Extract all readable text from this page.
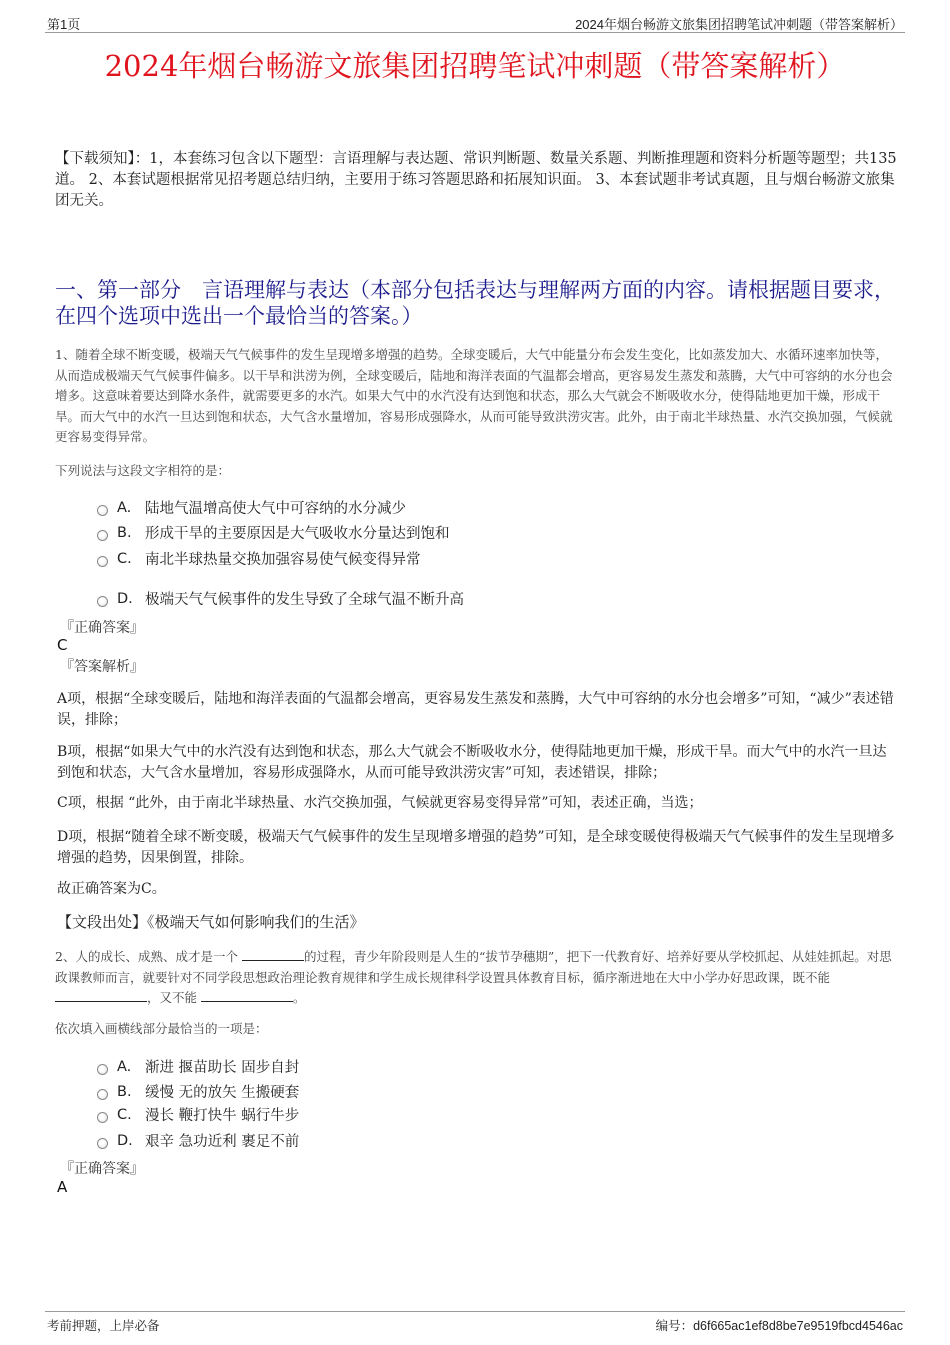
第1页	2024年烟台畅游文旅集团招聘笔试冲刺题（带答案解析）
2024年烟台畅游文旅集团招聘笔试冲刺题（带答案解析）
【下载须知】：1，本套练习包含以下题型：言语理解与表达题、常识判断题、数量关系题、判断推理题和资料分析题等题型；共135道。 2、本套试题根据常见招考题总结归纳，主要用于练习答题思路和拓展知识面。 3、本套试题非考试真题，且与烟台畅游文旅集团无关。
一、第一部分　言语理解与表达（本部分包括表达与理解两方面的内容。请根据题目要求，在四个选项中选出一个最恰当的答案。）
1、随着全球不断变暖，极端天气气候事件的发生呈现增多增强的趋势。全球变暖后，大气中能量分布会发生变化，比如蒸发加大、水循环速率加快等，从而造成极端天气气候事件偏多。以干旱和洪涝为例，全球变暖后，陆地和海洋表面的气温都会增高，更容易发生蒸发和蒸腾，大气中可容纳的水分也会增多。这意味着要达到降水条件，就需要更多的水汽。如果大气中的水汽没有达到饱和状态，那么大气就会不断吸收水分，使得陆地更加干燥，形成干旱。而大气中的水汽一旦达到饱和状态，大气含水量增加，容易形成强降水，从而可能导致洪涝灾害。此外，由于南北半球热量、水汽交换加强，气候就更容易变得异常。
下列说法与这段文字相符的是：
A. 陆地气温增高使大气中可容纳的水分减少
B. 形成干旱的主要原因是大气吸收水分量达到饱和
C. 南北半球热量交换加强容易使气候变得异常
D. 极端天气气候事件的发生导致了全球气温不断升高
『正确答案』
C
『答案解析』
A项，根据“全球变暖后，陆地和海洋表面的气温都会增高，更容易发生蒸发和蒸腾，大气中可容纳的水分也会增多”可知，“减少”表述错误，排除；
B项，根据“如果大气中的水汽没有达到饱和状态，那么大气就会不断吸收水分，使得陆地更加干燥，形成干旱。而大气中的水汽一旦达到饱和状态，大气含水量增加，容易形成强降水，从而可能导致洪涝灾害”可知，表述错误，排除；
C项，根据 “此外，由于南北半球热量、水汽交换加强，气候就更容易变得异常”可知，表述正确，当选；
D项，根据“随着全球不断变暖，极端天气气候事件的发生呈现增多增强的趋势”可知，是全球变暖使得极端天气气候事件的发生呈现增多增强的趋势，因果倒置，排除。
故正确答案为C。
【文段出处】《极端天气如何影响我们的生活》
2、人的成长、成熟、成才是一个	的过程，青少年阶段则是人生的“拔节孕穗期”，把下一代教育好、培养好要从学校抓起、从娃娃抓起。对思政课教师而言，就要针对不同学段思想政治理论教育规律和学生成长规律科学设置具体教育目标，循序渐进地在大中小学办好思政课，既不能 ，又不能	。
依次填入画横线部分最恰当的一项是：
A. 渐进 揠苗助长 固步自封
B. 缓慢 无的放矢 生搬硬套
C. 漫长 鞭打快牛 蜗行牛步
D. 艰辛 急功近利 裹足不前
『正确答案』
A
考前押题，上岸必备	编号：d6f665ac1ef8d8be7e9519fbcd4546ac
